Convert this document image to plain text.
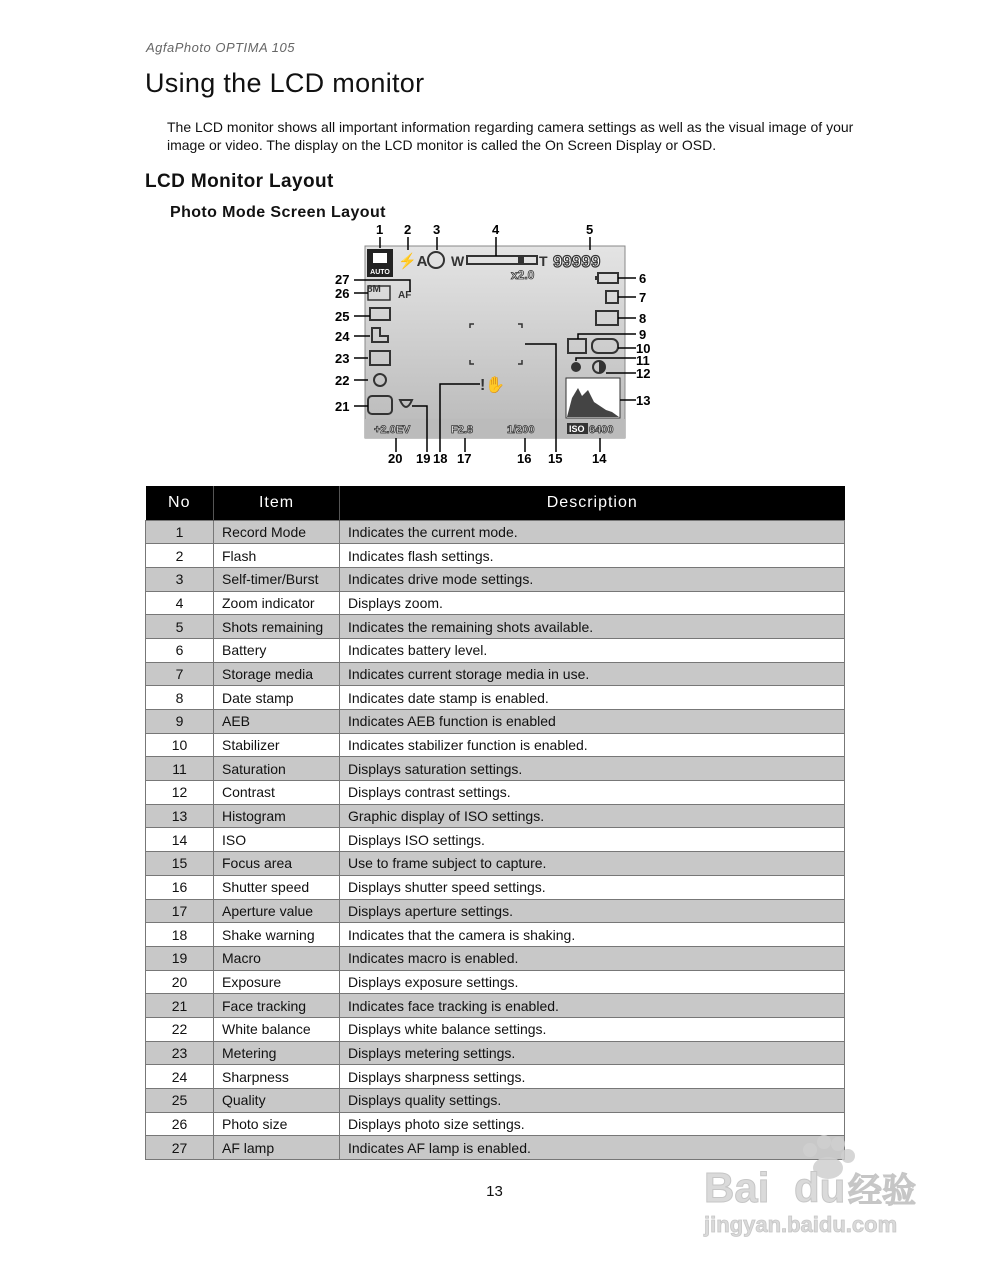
AgfaPhoto OPTIMA 105
Using the LCD monitor

The LCD monitor shows all important information regarding camera settings as well as the visual image of your image or video. The display on the LCD monitor is called the On Screen Display or OSD.

LCD Monitor Layout
Photo Mode Screen Layout
AUTO
⚡A W	T 99999
x2.0
8M
AF
!✋
+2.0EV	F2.8	1/200	ISO 6400
1 2 3	4	5
6
7
8
9
10
11
12
13
14
15
16
17
18
19
20
21
22
23
24
25
26
27
No	Item	Description
1	Record Mode	Indicates the current mode.
2	Flash	Indicates flash settings.
3	Self-timer/Burst	Indicates drive mode settings.
4	Zoom indicator	Displays zoom.
5	Shots remaining	Indicates the remaining shots available.
6	Battery	Indicates battery level.
7	Storage media	Indicates current storage media in use.
8	Date stamp	Indicates date stamp is enabled.
9	AEB	Indicates AEB function is enabled
10	Stabilizer	Indicates stabilizer function is enabled.
11	Saturation	Displays saturation settings.
12	Contrast	Displays contrast settings.
13	Histogram	Graphic display of ISO settings.
14	ISO	Displays ISO settings.
15	Focus area	Use to frame subject to capture.
16	Shutter speed	Displays shutter speed settings.
17	Aperture value	Displays aperture settings.
18	Shake warning	Indicates that the camera is shaking.
19	Macro	Indicates macro is enabled.
20	Exposure	Displays exposure settings.
21	Face tracking	Indicates face tracking is enabled.
22	White balance	Displays white balance settings.
23	Metering	Displays metering settings.
24	Sharpness	Displays sharpness settings.
25	Quality	Displays quality settings.
26	Photo size	Displays photo size settings.
27	AF lamp	Indicates AF lamp is enabled.
13	Bai du 经验
jingyan.baidu.com
